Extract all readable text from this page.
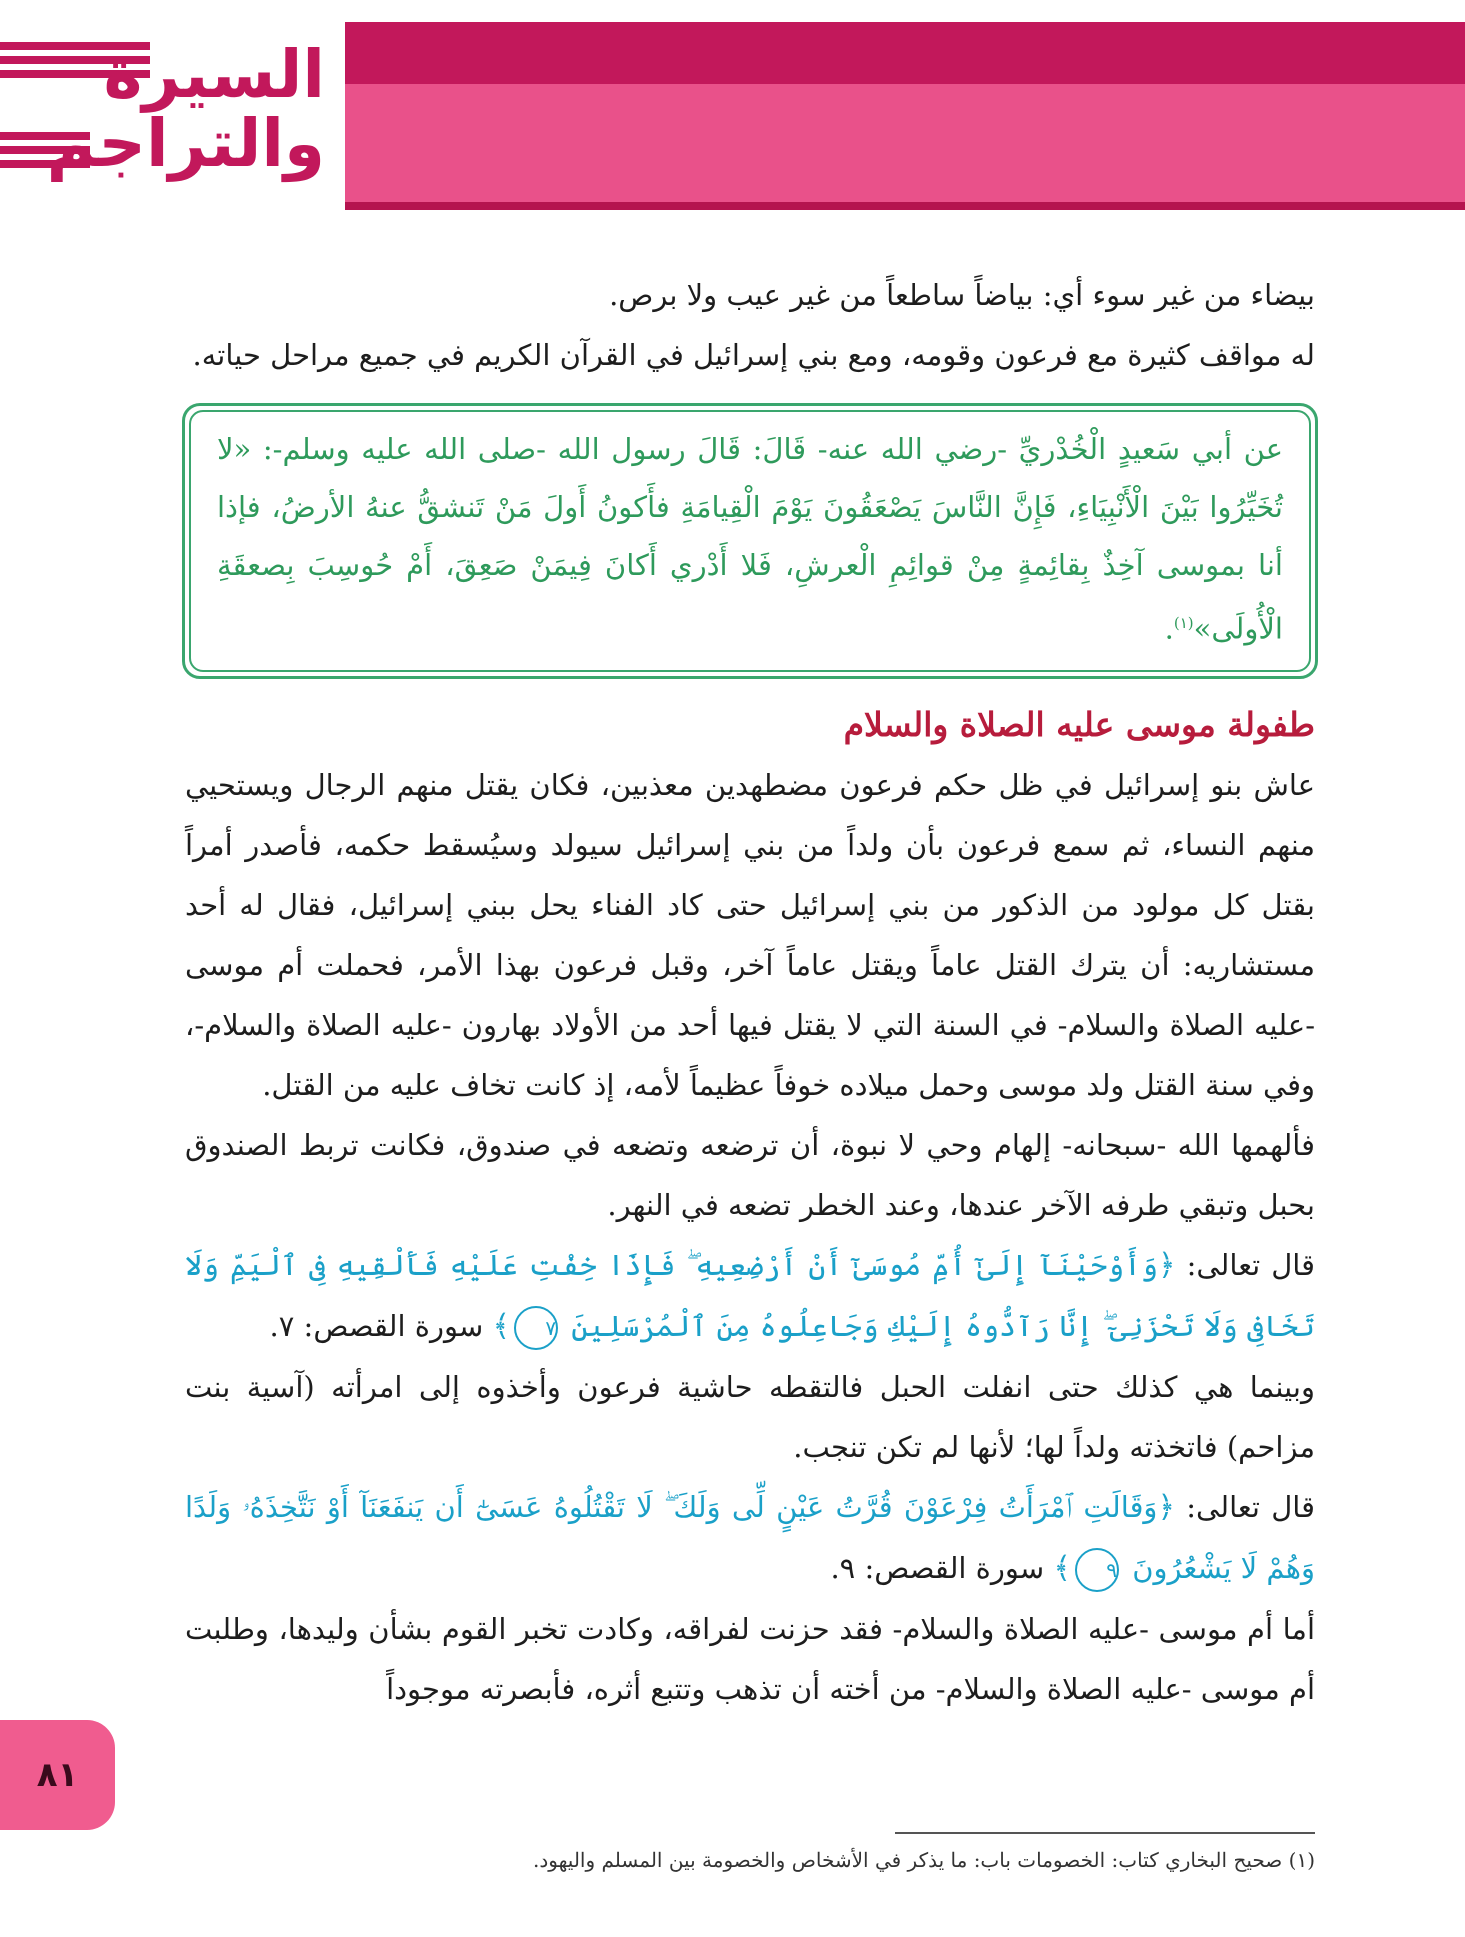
السيرة
والتراجم

بيضاء من غير سوء أي: بياضاً ساطعاً من غير عيب ولا برص.

له مواقف كثيرة مع فرعون وقومه، ومع بني إسرائيل في القرآن الكريم في جميع مراحل حياته.

عن أبي سَعيدٍ الْخُدْريِّ -رضي الله عنه- قَالَ: قَالَ رسول الله -صلى الله عليه وسلم-: «لا تُخَيِّرُوا بَيْنَ الْأَنْبِيَاءِ، فَإِنَّ النَّاسَ يَصْعَقُونَ يَوْمَ الْقِيامَةِ فأَكونُ أَولَ مَنْ تَنشقُّ عنهُ الأرضُ، فإذا أنا بموسى آخِذٌ بِقائِمةٍ مِنْ قوائِمِ الْعرشِ، فَلا أَدْري أَكانَ فِيمَنْ صَعِقَ، أَمْ حُوسِبَ بِصعقَةِ الْأُولَى»$^{(١)}$.

طفولة موسى عليه الصلاة والسلام

عاش بنو إسرائيل في ظل حكم فرعون مضطهدين معذبين، فكان يقتل منهم الرجال ويستحيي منهم النساء، ثم سمع فرعون بأن ولداً من بني إسرائيل سيولد وسيُسقط حكمه، فأصدر أمراً بقتل كل مولود من الذكور من بني إسرائيل حتى كاد الفناء يحل ببني إسرائيل، فقال له أحد مستشاريه: أن يترك القتل عاماً ويقتل عاماً آخر، وقبل فرعون بهذا الأمر، فحملت أم موسى -عليه الصلاة والسلام- في السنة التي لا يقتل فيها أحد من الأولاد بهارون -عليه الصلاة والسلام-، وفي سنة القتل ولد موسى وحمل ميلاده خوفاً عظيماً لأمه، إذ كانت تخاف عليه من القتل.

فألهمها الله -سبحانه- إلهام وحي لا نبوة، أن ترضعه وتضعه في صندوق، فكانت تربط الصندوق بحبل وتبقي طرفه الآخر عندها، وعند الخطر تضعه في النهر.

قال تعالى: ﴿وَأَوْحَيْنَآ إِلَىٰٓ أُمِّ مُوسَىٰٓ أَنْ أَرْضِعِيهِ ۖ فَإِذَا خِفْتِ عَلَيْهِ فَأَلْقِيهِ فِى ٱلْيَمِّ وَلَا تَخَافِى وَلَا تَحْزَنِىٓ ۖ إِنَّا رَآدُّوهُ إِلَيْكِ وَجَاعِلُوهُ مِنَ ٱلْمُرْسَلِينَ ٧﴾ سورة القصص: ٧.

وبينما هي كذلك حتى انفلت الحبل فالتقطه حاشية فرعون وأخذوه إلى امرأته (آسية بنت مزاحم) فاتخذته ولداً لها؛ لأنها لم تكن تنجب.

قال تعالى: ﴿وَقَالَتِ ٱمْرَأَتُ فِرْعَوْنَ قُرَّتُ عَيْنٍ لِّى وَلَكَ ۖ لَا تَقْتُلُوهُ عَسَىٰٓ أَن يَنفَعَنَآ أَوْ نَتَّخِذَهُۥ وَلَدًا وَهُمْ لَا يَشْعُرُونَ ٩﴾ سورة القصص: ٩.

أما أم موسى -عليه الصلاة والسلام- فقد حزنت لفراقه، وكادت تخبر القوم بشأن وليدها، وطلبت أم موسى -عليه الصلاة والسلام- من أخته أن تذهب وتتبع أثره، فأبصرته موجوداً

٨١
(١) صحيح البخاري كتاب: الخصومات باب: ما يذكر في الأشخاص والخصومة بين المسلم واليهود.
